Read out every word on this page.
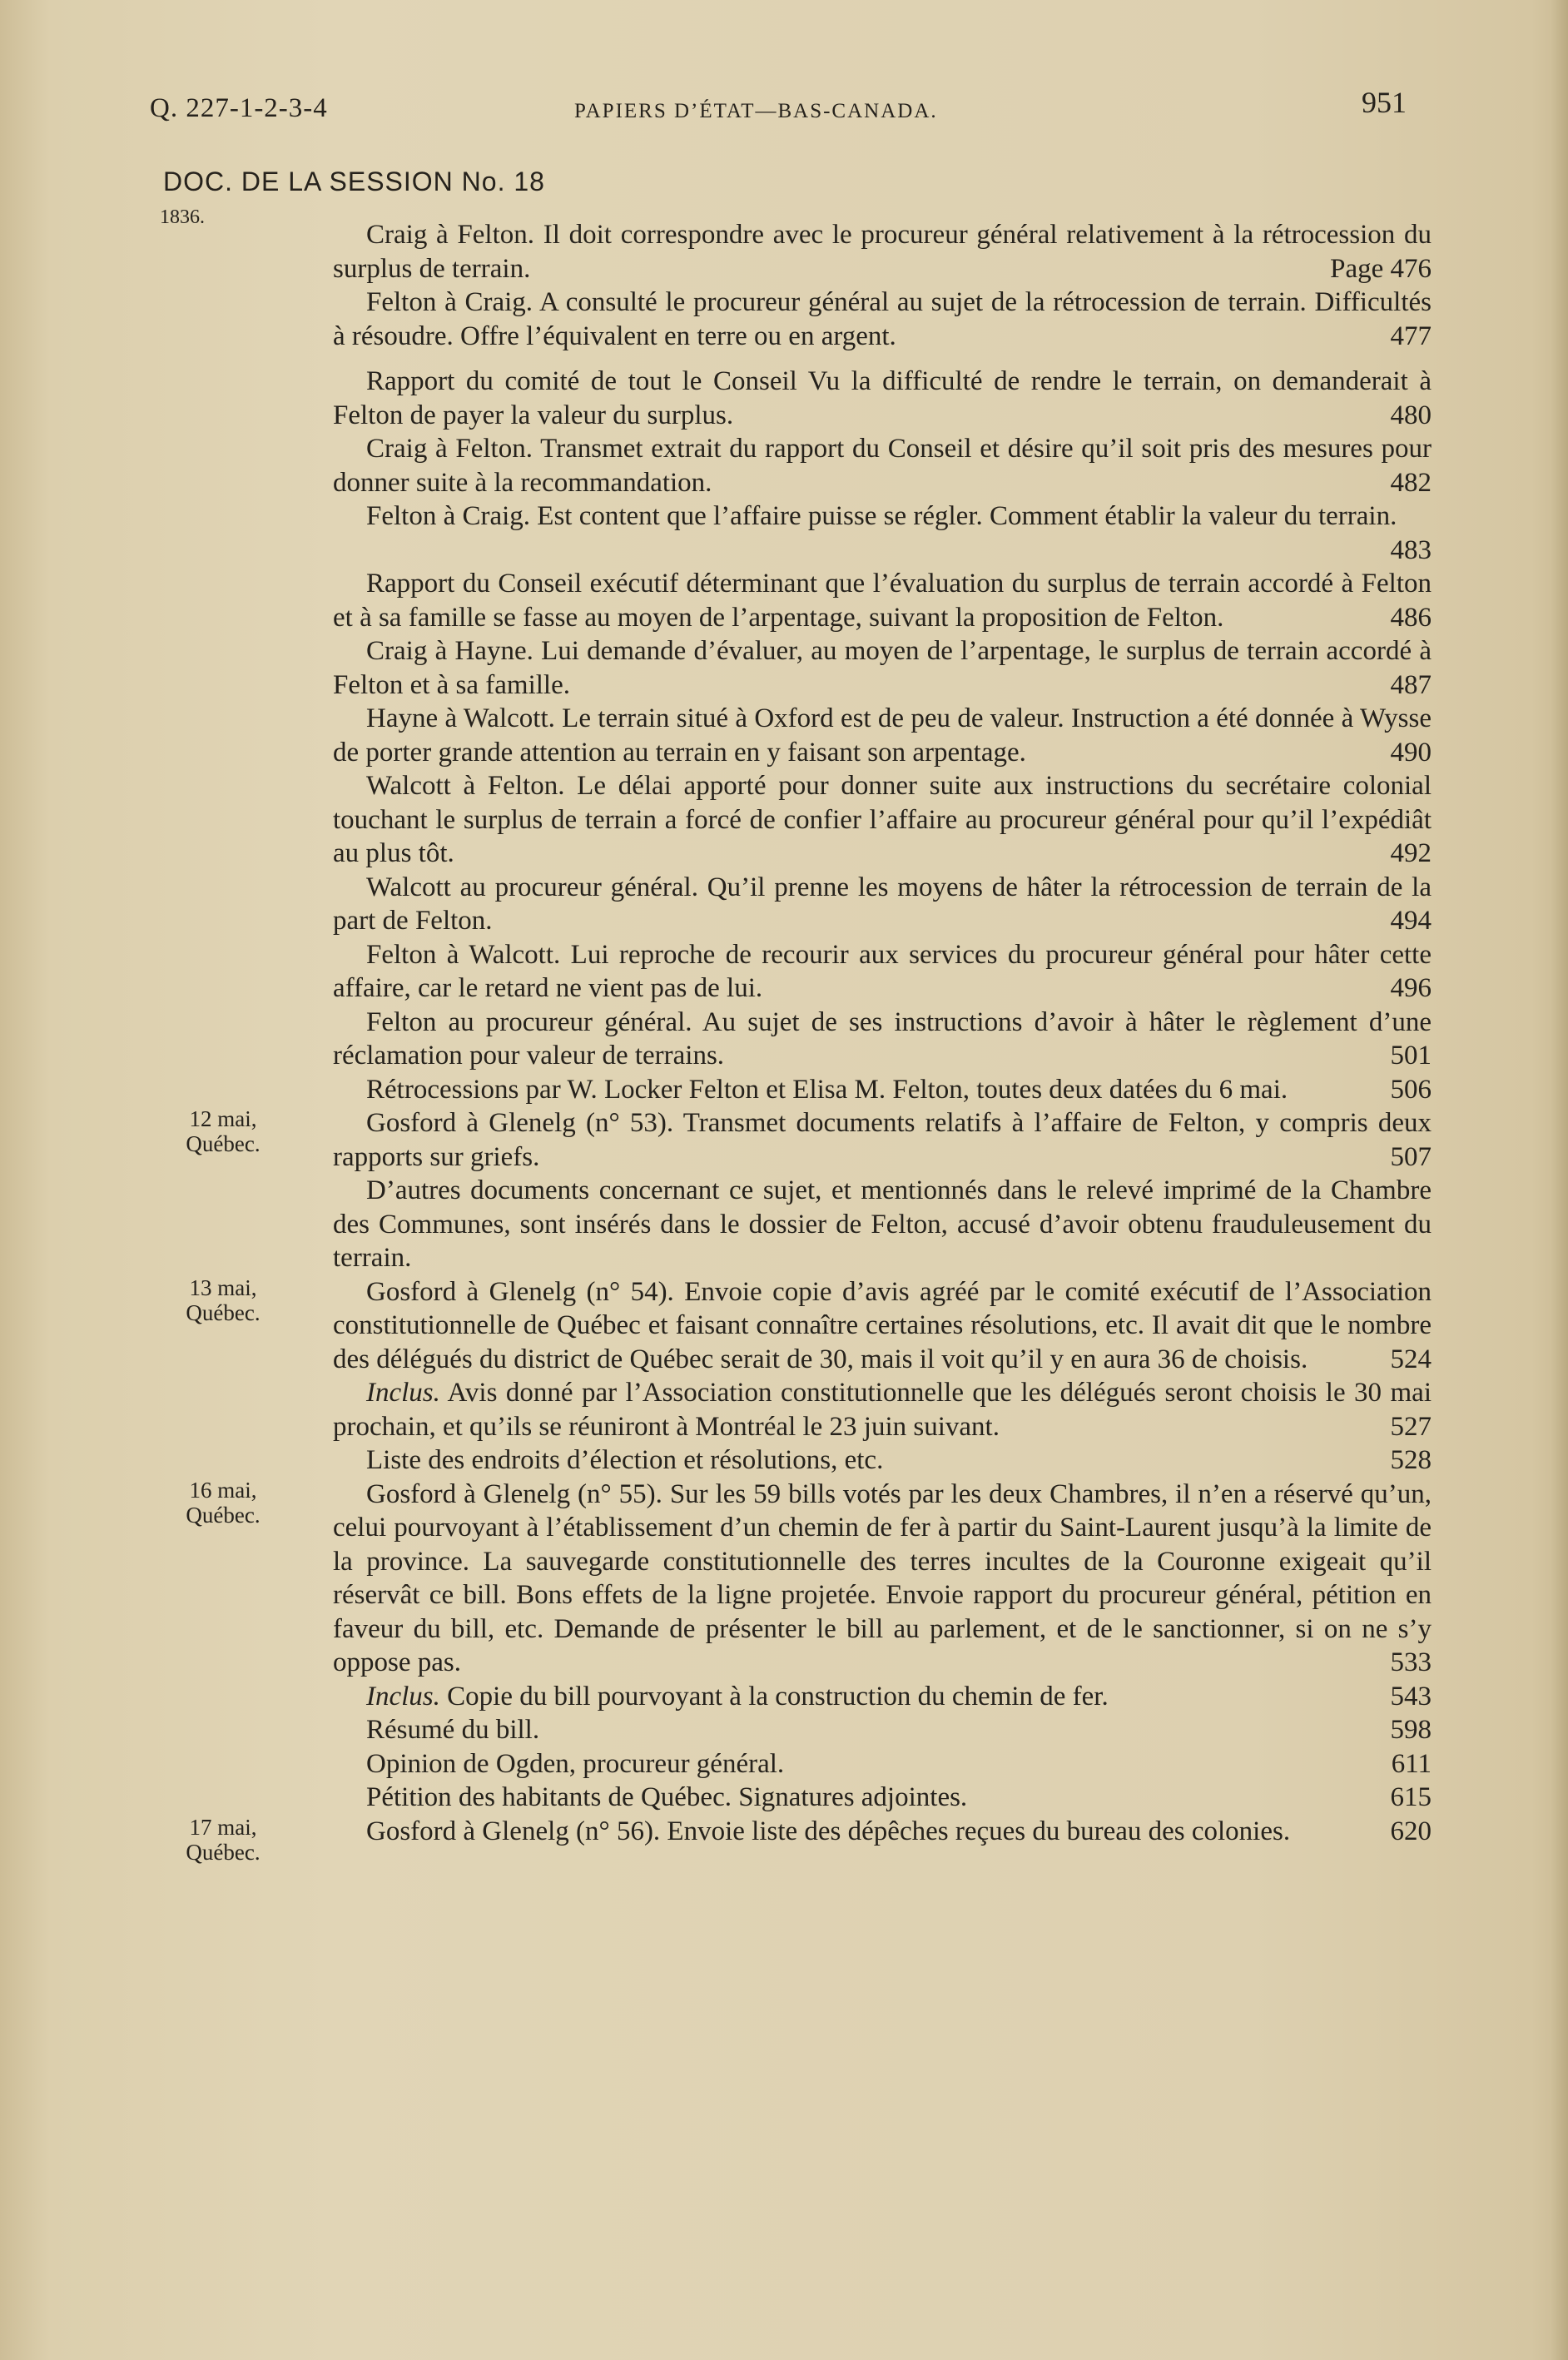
Q. 227-1-2-3-4	PAPIERS D’ÉTAT—BAS-CANADA.	951
DOC. DE LA SESSION No. 18
1836.

Craig à Felton. Il doit correspondre avec le procureur général relativement à la rétrocession du surplus de terrain.	Page 476

Felton à Craig. A consulté le procureur général au sujet de la rétrocession de terrain. Difficultés à résoudre. Offre l’équivalent en terre ou en argent.	477

Rapport du comité de tout le Conseil Vu la difficulté de rendre le terrain, on demanderait à Felton de payer la valeur du surplus.	480

Craig à Felton. Transmet extrait du rapport du Conseil et désire qu’il soit pris des mesures pour donner suite à la recommandation.	482

Felton à Craig. Est content que l’affaire puisse se régler. Comment établir la valeur du terrain.
483

Rapport du Conseil exécutif déterminant que l’évaluation du surplus de terrain accordé à Felton et à sa famille se fasse au moyen de l’arpentage, suivant la proposition de Felton.	486

Craig à Hayne. Lui demande d’évaluer, au moyen de l’arpentage, le surplus de terrain accordé à Felton et à sa famille.	487

Hayne à Walcott. Le terrain situé à Oxford est de peu de valeur. Instruction a été donnée à Wysse de porter grande attention au terrain en y faisant son arpentage.	490

Walcott à Felton. Le délai apporté pour donner suite aux instructions du secrétaire colonial touchant le surplus de terrain a forcé de confier l’affaire au procureur général pour qu’il l’expédiât au plus tôt.	492

Walcott au procureur général. Qu’il prenne les moyens de hâter la rétrocession de terrain de la part de Felton.	494

Felton à Walcott. Lui reproche de recourir aux services du procureur général pour hâter cette affaire, car le retard ne vient pas de lui.	496

Felton au procureur général. Au sujet de ses instructions d’avoir à hâter le règlement d’une réclamation pour valeur de terrains.	501

Rétrocessions par W. Locker Felton et Elisa M. Felton, toutes deux datées du 6 mai.	506

12 mai, Québec.
Gosford à Glenelg (n° 53). Transmet documents relatifs à l’affaire de Felton, y compris deux rapports sur griefs.	507

D’autres documents concernant ce sujet, et mentionnés dans le relevé imprimé de la Chambre des Communes, sont insérés dans le dossier de Felton, accusé d’avoir obtenu frauduleusement du terrain.

13 mai, Québec.
Gosford à Glenelg (n° 54). Envoie copie d’avis agréé par le comité exécutif de l’Association constitutionnelle de Québec et faisant connaître certaines résolutions, etc. Il avait dit que le nombre des délégués du district de Québec serait de 30, mais il voit qu’il y en aura 36 de choisis.	524

Inclus. Avis donné par l’Association constitutionnelle que les délégués seront choisis le 30 mai prochain, et qu’ils se réuniront à Montréal le 23 juin suivant.	527

Liste des endroits d’élection et résolutions, etc.	528

16 mai, Québec.
Gosford à Glenelg (n° 55). Sur les 59 bills votés par les deux Chambres, il n’en a réservé qu’un, celui pourvoyant à l’établissement d’un chemin de fer à partir du Saint-Laurent jusqu’à la limite de la province. La sauvegarde constitutionnelle des terres incultes de la Couronne exigeait qu’il réservât ce bill. Bons effets de la ligne projetée. Envoie rapport du procureur général, pétition en faveur du bill, etc. Demande de présenter le bill au parlement, et de le sanctionner, si on ne s’y oppose pas.	533

Inclus. Copie du bill pourvoyant à la construction du chemin de fer.	543

Résumé du bill.	598

Opinion de Ogden, procureur général.	611

Pétition des habitants de Québec. Signatures adjointes.	615

17 mai, Québec.
Gosford à Glenelg (n° 56). Envoie liste des dépêches reçues du bureau des colonies.	620
